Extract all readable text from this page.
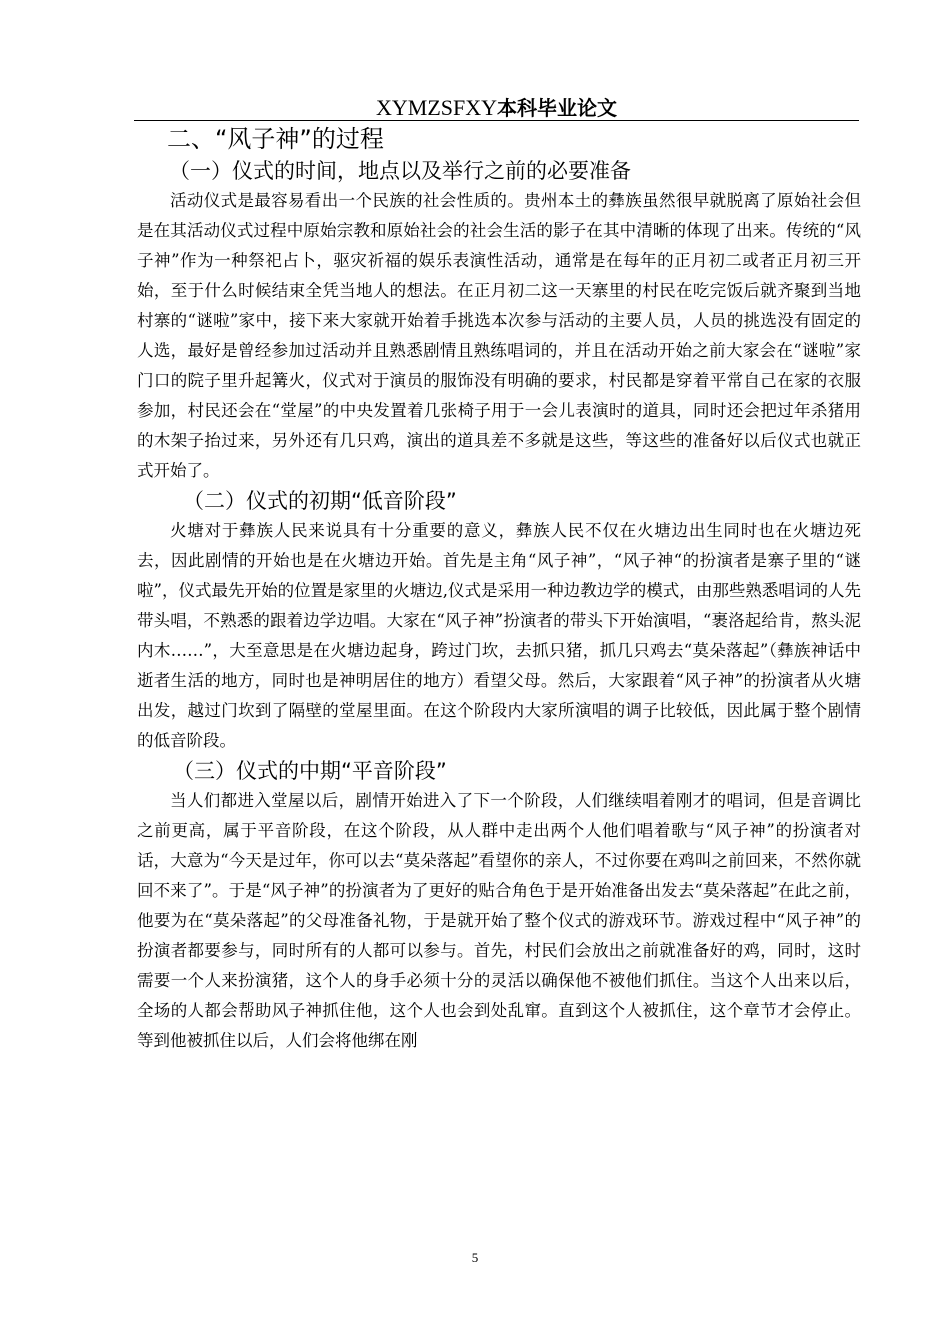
XYMZSFXY本科毕业论文
二、“风子神”的过程
（一）仪式的时间，地点以及举行之前的必要准备

活动仪式是最容易看出一个民族的社会性质的。贵州本土的彝族虽然很早就脱离了原始社会但是在其活动仪式过程中原始宗教和原始社会的社会生活的影子在其中清晰的体现了出来。传统的“风子神”作为一种祭祀占卜，驱灾祈福的娱乐表演性活动，通常是在每年的正月初二或者正月初三开始，至于什么时候结束全凭当地人的想法。在正月初二这一天寨里的村民在吃完饭后就齐聚到当地村寨的“谜啦”家中，接下来大家就开始着手挑选本次参与活动的主要人员，人员的挑选没有固定的人选，最好是曾经参加过活动并且熟悉剧情且熟练唱词的，并且在活动开始之前大家会在“谜啦”家门口的院子里升起篝火，仪式对于演员的服饰没有明确的要求，村民都是穿着平常自己在家的衣服参加，村民还会在“堂屋”的中央发置着几张椅子用于一会儿表演时的道具，同时还会把过年杀猪用的木架子抬过来，另外还有几只鸡，演出的道具差不多就是这些，等这些的准备好以后仪式也就正式开始了。

（二）仪式的初期“低音阶段”

火塘对于彝族人民来说具有十分重要的意义，彝族人民不仅在火塘边出生同时也在火塘边死去，因此剧情的开始也是在火塘边开始。首先是主角“风子神”，“风子神“的扮演者是寨子里的“谜啦”，仪式最先开始的位置是家里的火塘边,仪式是采用一种边教边学的模式，由那些熟悉唱词的人先带头唱，不熟悉的跟着边学边唱。大家在“风子神”扮演者的带头下开始演唱，“裹洛起给肯，熬头泥内木……”，大至意思是在火塘边起身，跨过门坎，去抓只猪，抓几只鸡去“莫朵落起”（彝族神话中逝者生活的地方，同时也是神明居住的地方）看望父母。然后，大家跟着“风子神”的扮演者从火塘出发，越过门坎到了隔壁的堂屋里面。在这个阶段内大家所演唱的调子比较低，因此属于整个剧情的低音阶段。

（三）仪式的中期“平音阶段”

当人们都进入堂屋以后，剧情开始进入了下一个阶段，人们继续唱着刚才的唱词，但是音调比之前更高，属于平音阶段，在这个阶段，从人群中走出两个人他们唱着歌与“风子神”的扮演者对话，大意为“今天是过年，你可以去“莫朵落起”看望你的亲人，不过你要在鸡叫之前回来，不然你就回不来了”。于是“风子神”的扮演者为了更好的贴合角色于是开始准备出发去“莫朵落起”在此之前，他要为在“莫朵落起”的父母准备礼物，于是就开始了整个仪式的游戏环节。游戏过程中“风子神”的扮演者都要参与，同时所有的人都可以参与。首先，村民们会放出之前就准备好的鸡，同时，这时需要一个人来扮演猪，这个人的身手必须十分的灵活以确保他不被他们抓住。当这个人出来以后，全场的人都会帮助风子神抓住他，这个人也会到处乱窜。直到这个人被抓住，这个章节才会停止。等到他被抓住以后，人们会将他绑在刚

5
